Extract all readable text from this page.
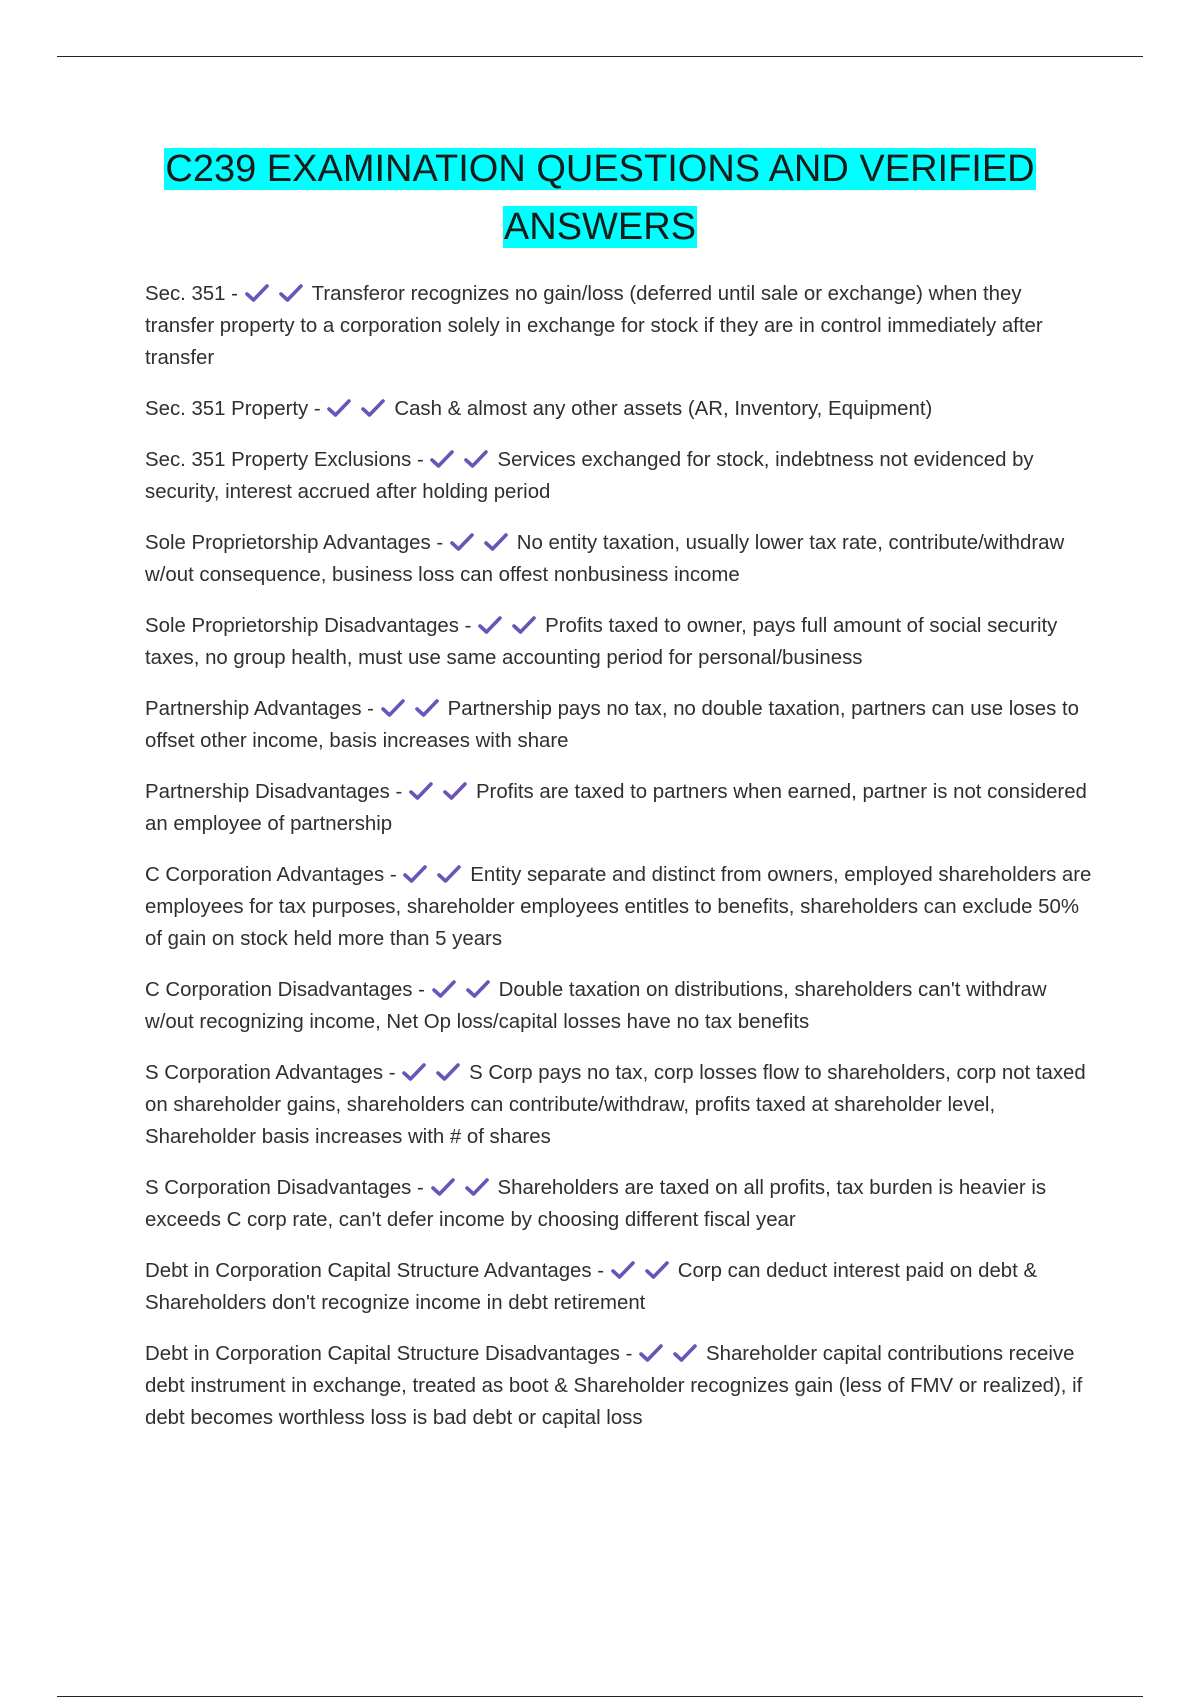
C239 EXAMINATION QUESTIONS AND VERIFIED
ANSWERS

Sec. 351 -	Transferor recognizes no gain/loss (deferred until sale or exchange) when they transfer property to a corporation solely in exchange for stock if they are in control immediately after transfer

Sec. 351 Property -	Cash & almost any other assets (AR, Inventory, Equipment)

Sec. 351 Property Exclusions -	Services exchanged for stock, indebtness not evidenced by security, interest accrued after holding period

Sole Proprietorship Advantages -	No entity taxation, usually lower tax rate, contribute/withdraw w/out consequence, business loss can offest nonbusiness income

Sole Proprietorship Disadvantages -	Profits taxed to owner, pays full amount of social security taxes, no group health, must use same accounting period for personal/business

Partnership Advantages -	Partnership pays no tax, no double taxation, partners can use loses to offset other income, basis increases with share

Partnership Disadvantages -	Profits are taxed to partners when earned, partner is not considered an employee of partnership

C Corporation Advantages -	Entity separate and distinct from owners, employed shareholders are employees for tax purposes, shareholder employees entitles to benefits, shareholders can exclude 50% of gain on stock held more than 5 years

C Corporation Disadvantages -	Double taxation on distributions, shareholders can't withdraw w/out recognizing income, Net Op loss/capital losses have no tax benefits

S Corporation Advantages -	S Corp pays no tax, corp losses flow to shareholders, corp not taxed on shareholder gains, shareholders can contribute/withdraw, profits taxed at shareholder level, Shareholder basis increases with # of shares

S Corporation Disadvantages -	Shareholders are taxed on all profits, tax burden is heavier is exceeds C corp rate, can't defer income by choosing different fiscal year

Debt in Corporation Capital Structure Advantages -	Corp can deduct interest paid on debt & Shareholders don't recognize income in debt retirement

Debt in Corporation Capital Structure Disadvantages -	Shareholder capital contributions receive debt instrument in exchange, treated as boot & Shareholder recognizes gain (less of FMV or realized), if debt becomes worthless loss is bad debt or capital loss
